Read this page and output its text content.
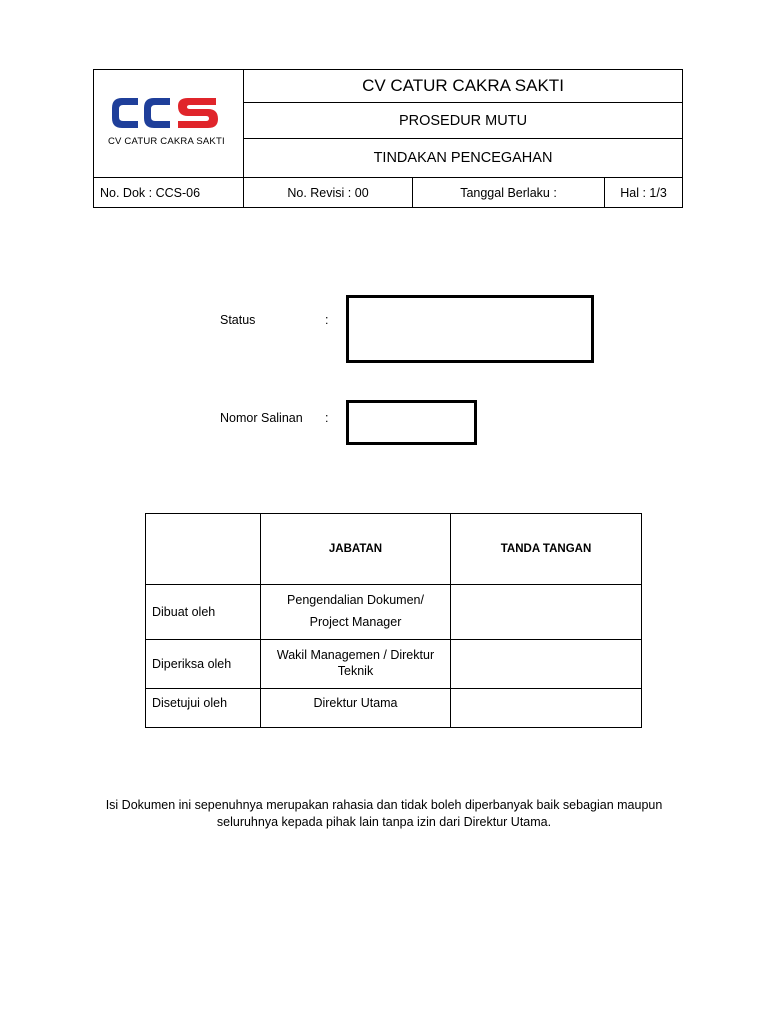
CV CATUR CAKRA SAKTI
CV CATUR CAKRA SAKTI
PROSEDUR MUTU
TINDAKAN PENCEGAHAN
No. Dok : CCS-06	No. Revisi : 00	Tanggal Berlaku :	Hal : 1/3
Status	:
Nomor Salinan :
	JABATAN	TANDA TANGAN
Dibuat oleh	Pengendalian Dokumen/
Project Manager	

Diperiksa oleh	Wakil Managemen / Direktur
Teknik	

Disetujui oleh	Direktur Utama	

Isi Dokumen ini sepenuhnya merupakan rahasia dan tidak boleh diperbanyak baik sebagian maupun
seluruhnya kepada pihak lain tanpa izin dari Direktur Utama.
